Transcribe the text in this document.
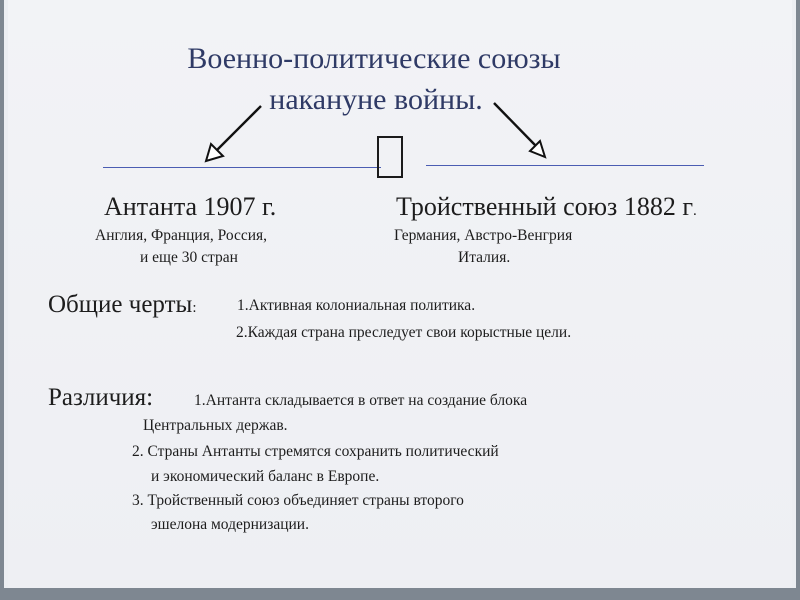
Военно-политические союзы
накануне войны.
Антанта 1907 г.
Англия, Франция, Россия,
и еще 30 стран
Тройственный союз 1882 г.
Германия, Австро-Венгрия
Италия.
Общие черты:	1.Активная колониальная политика.
2.Каждая страна преследует свои корыстные цели.
Различия:	1.Антанта складывается в ответ на создание блока
Центральных держав.
2. Страны Антанты стремятся сохранить политический
и экономический баланс в Европе.
3. Тройственный союз объединяет страны второго
эшелона модернизации.
